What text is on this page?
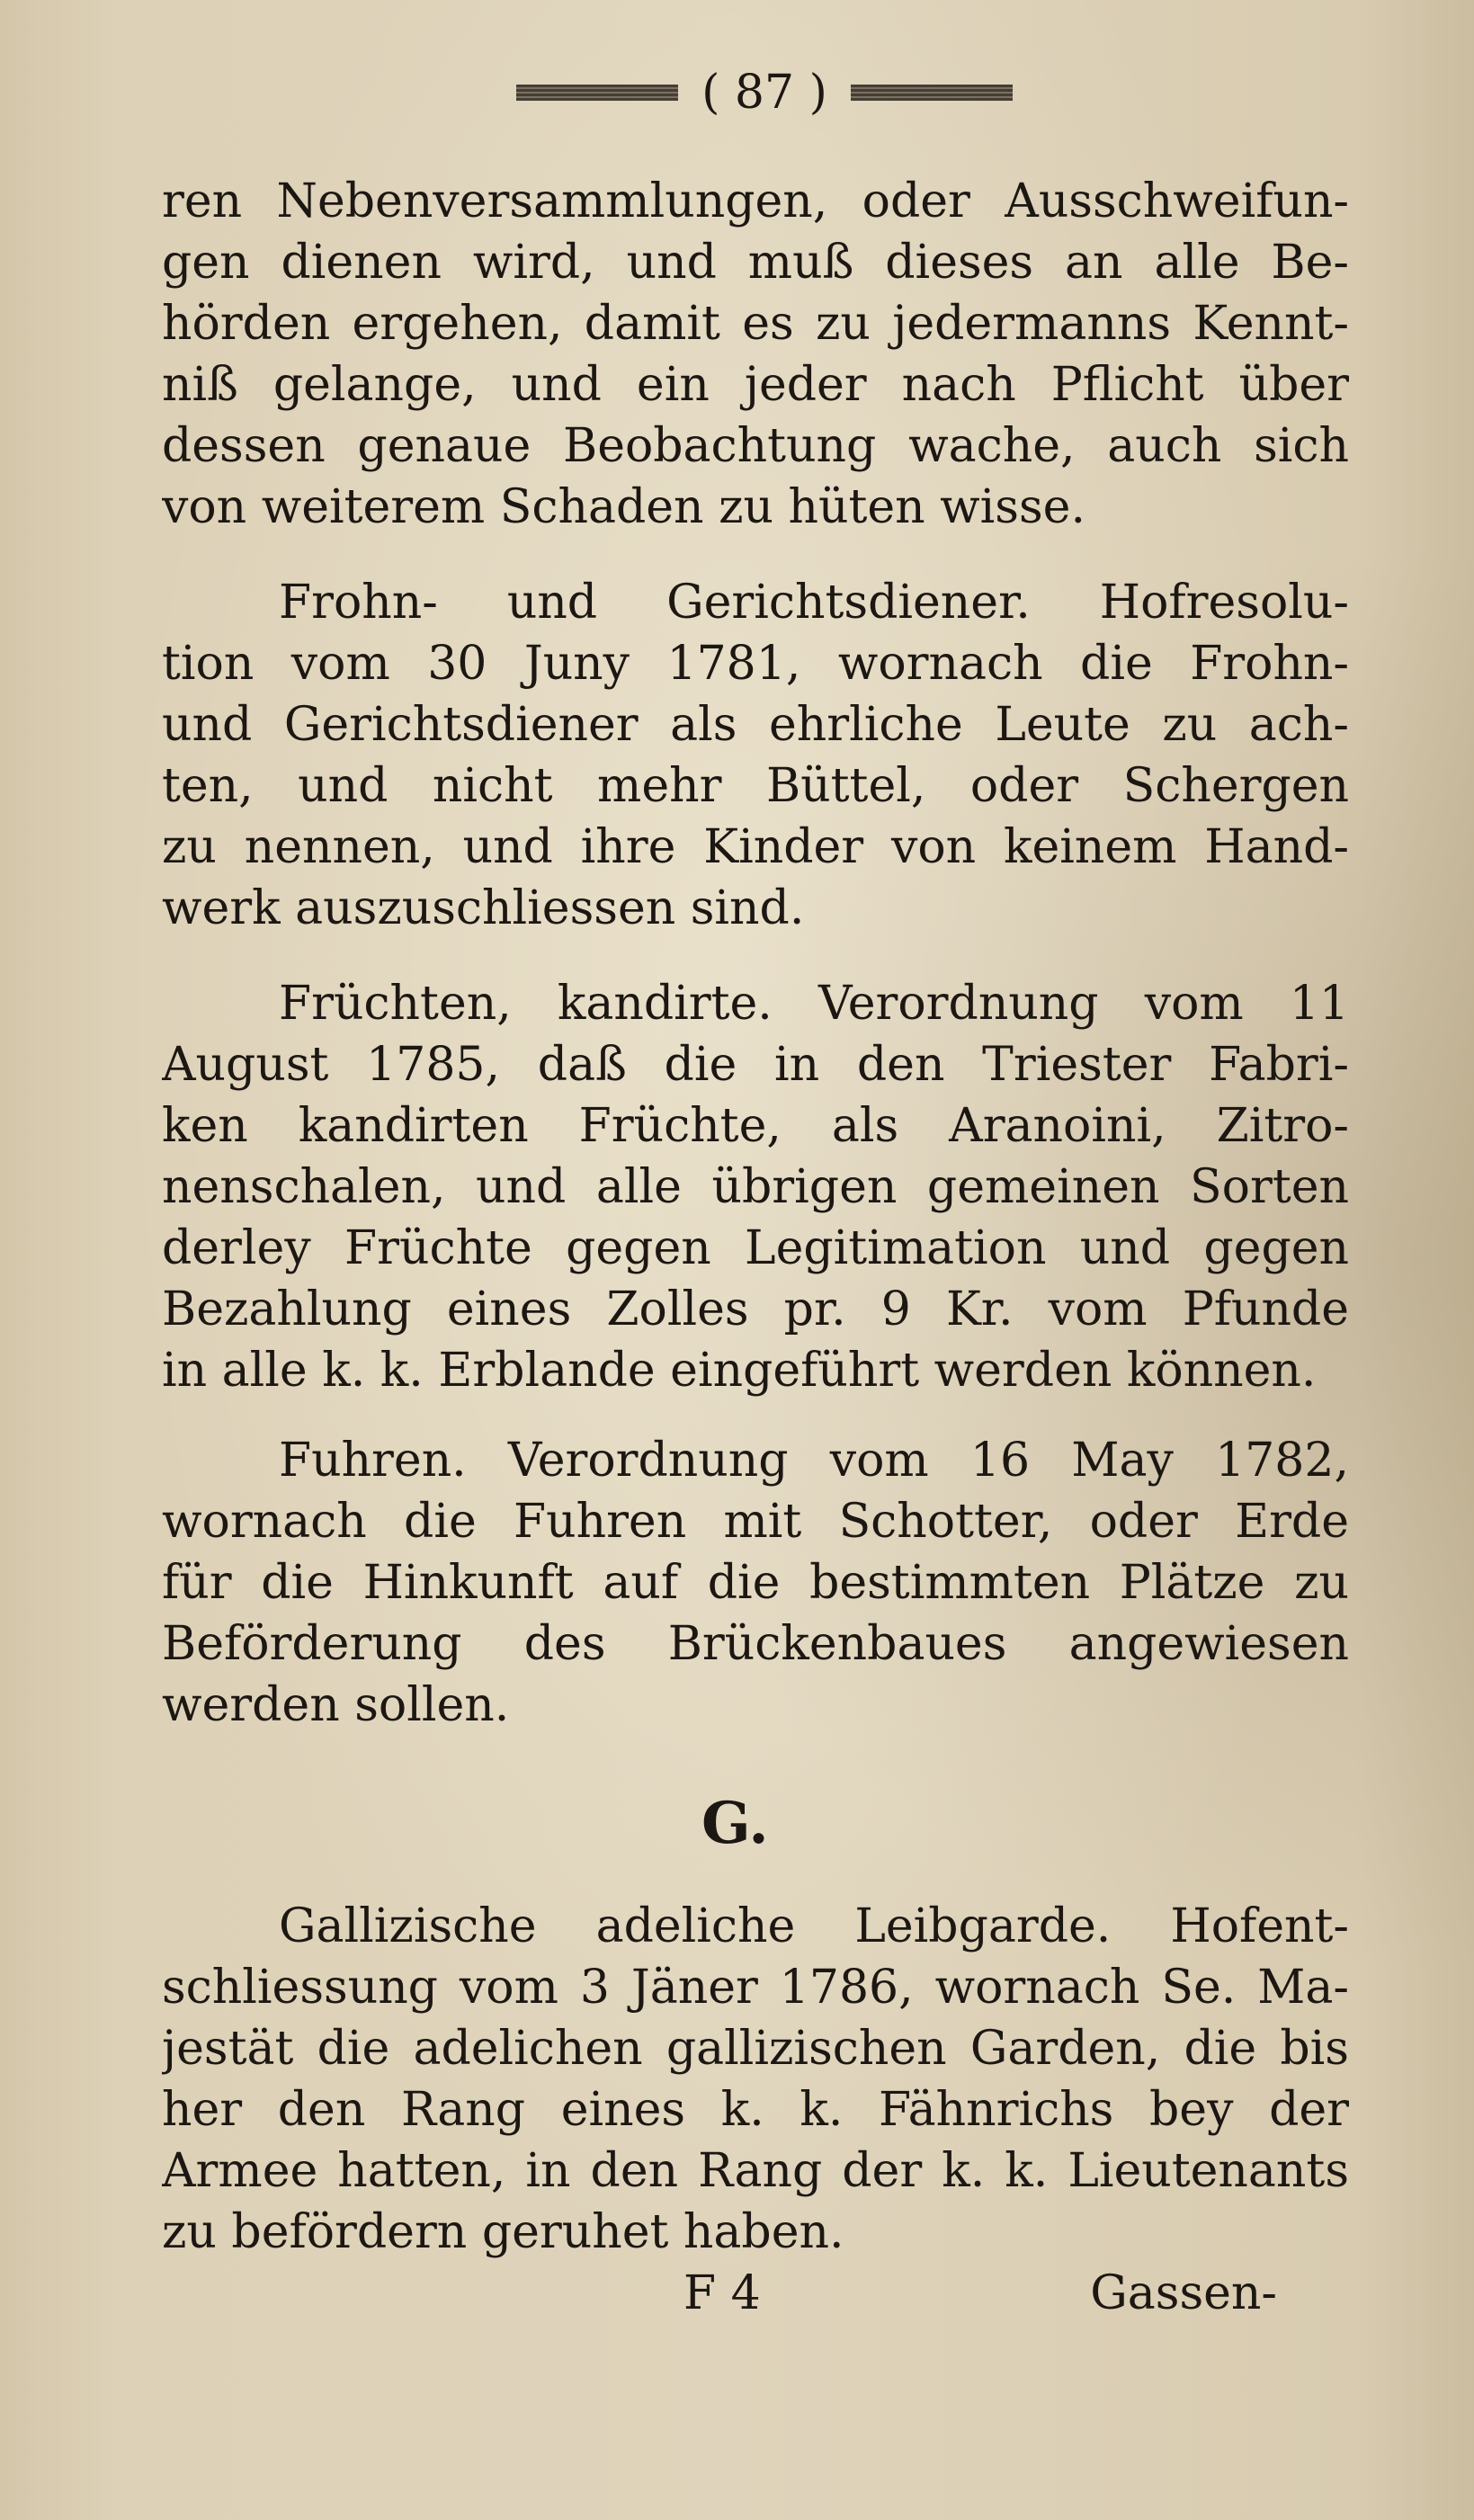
( 87 )
ren Nebenversammlungen, oder Ausschweifun-
gen dienen wird, und muß dieses an alle Be-
hörden ergehen, damit es zu jedermanns Kennt-
niß gelange, und ein jeder nach Pflicht über
dessen genaue Beobachtung wache, auch sich
von weiterem Schaden zu hüten wisse.
Frohn- und Gerichtsdiener. Hofresolu-
tion vom 30 Juny 1781, wornach die Frohn-
und Gerichtsdiener als ehrliche Leute zu ach-
ten, und nicht mehr Büttel, oder Schergen
zu nennen, und ihre Kinder von keinem Hand-
werk auszuschliessen sind.
Früchten, kandirte. Verordnung vom 11
August 1785, daß die in den Triester Fabri-
ken kandirten Früchte, als Aranoini, Zitro-
nenschalen, und alle übrigen gemeinen Sorten
derley Früchte gegen Legitimation und gegen
Bezahlung eines Zolles pr. 9 Kr. vom Pfunde
in alle k. k. Erblande eingeführt werden können.
Fuhren. Verordnung vom 16 May 1782,
wornach die Fuhren mit Schotter, oder Erde
für die Hinkunft auf die bestimmten Plätze zu
Beförderung des Brückenbaues angewiesen
werden sollen.
Gallizische adeliche Leibgarde. Hofent-
schliessung vom 3 Jäner 1786, wornach Se. Ma-
jestät die adelichen gallizischen Garden, die bis
her den Rang eines k. k. Fähnrichs bey der
Armee hatten, in den Rang der k. k. Lieutenants
zu befördern geruhet haben.
G.
F 4	Gassen-
